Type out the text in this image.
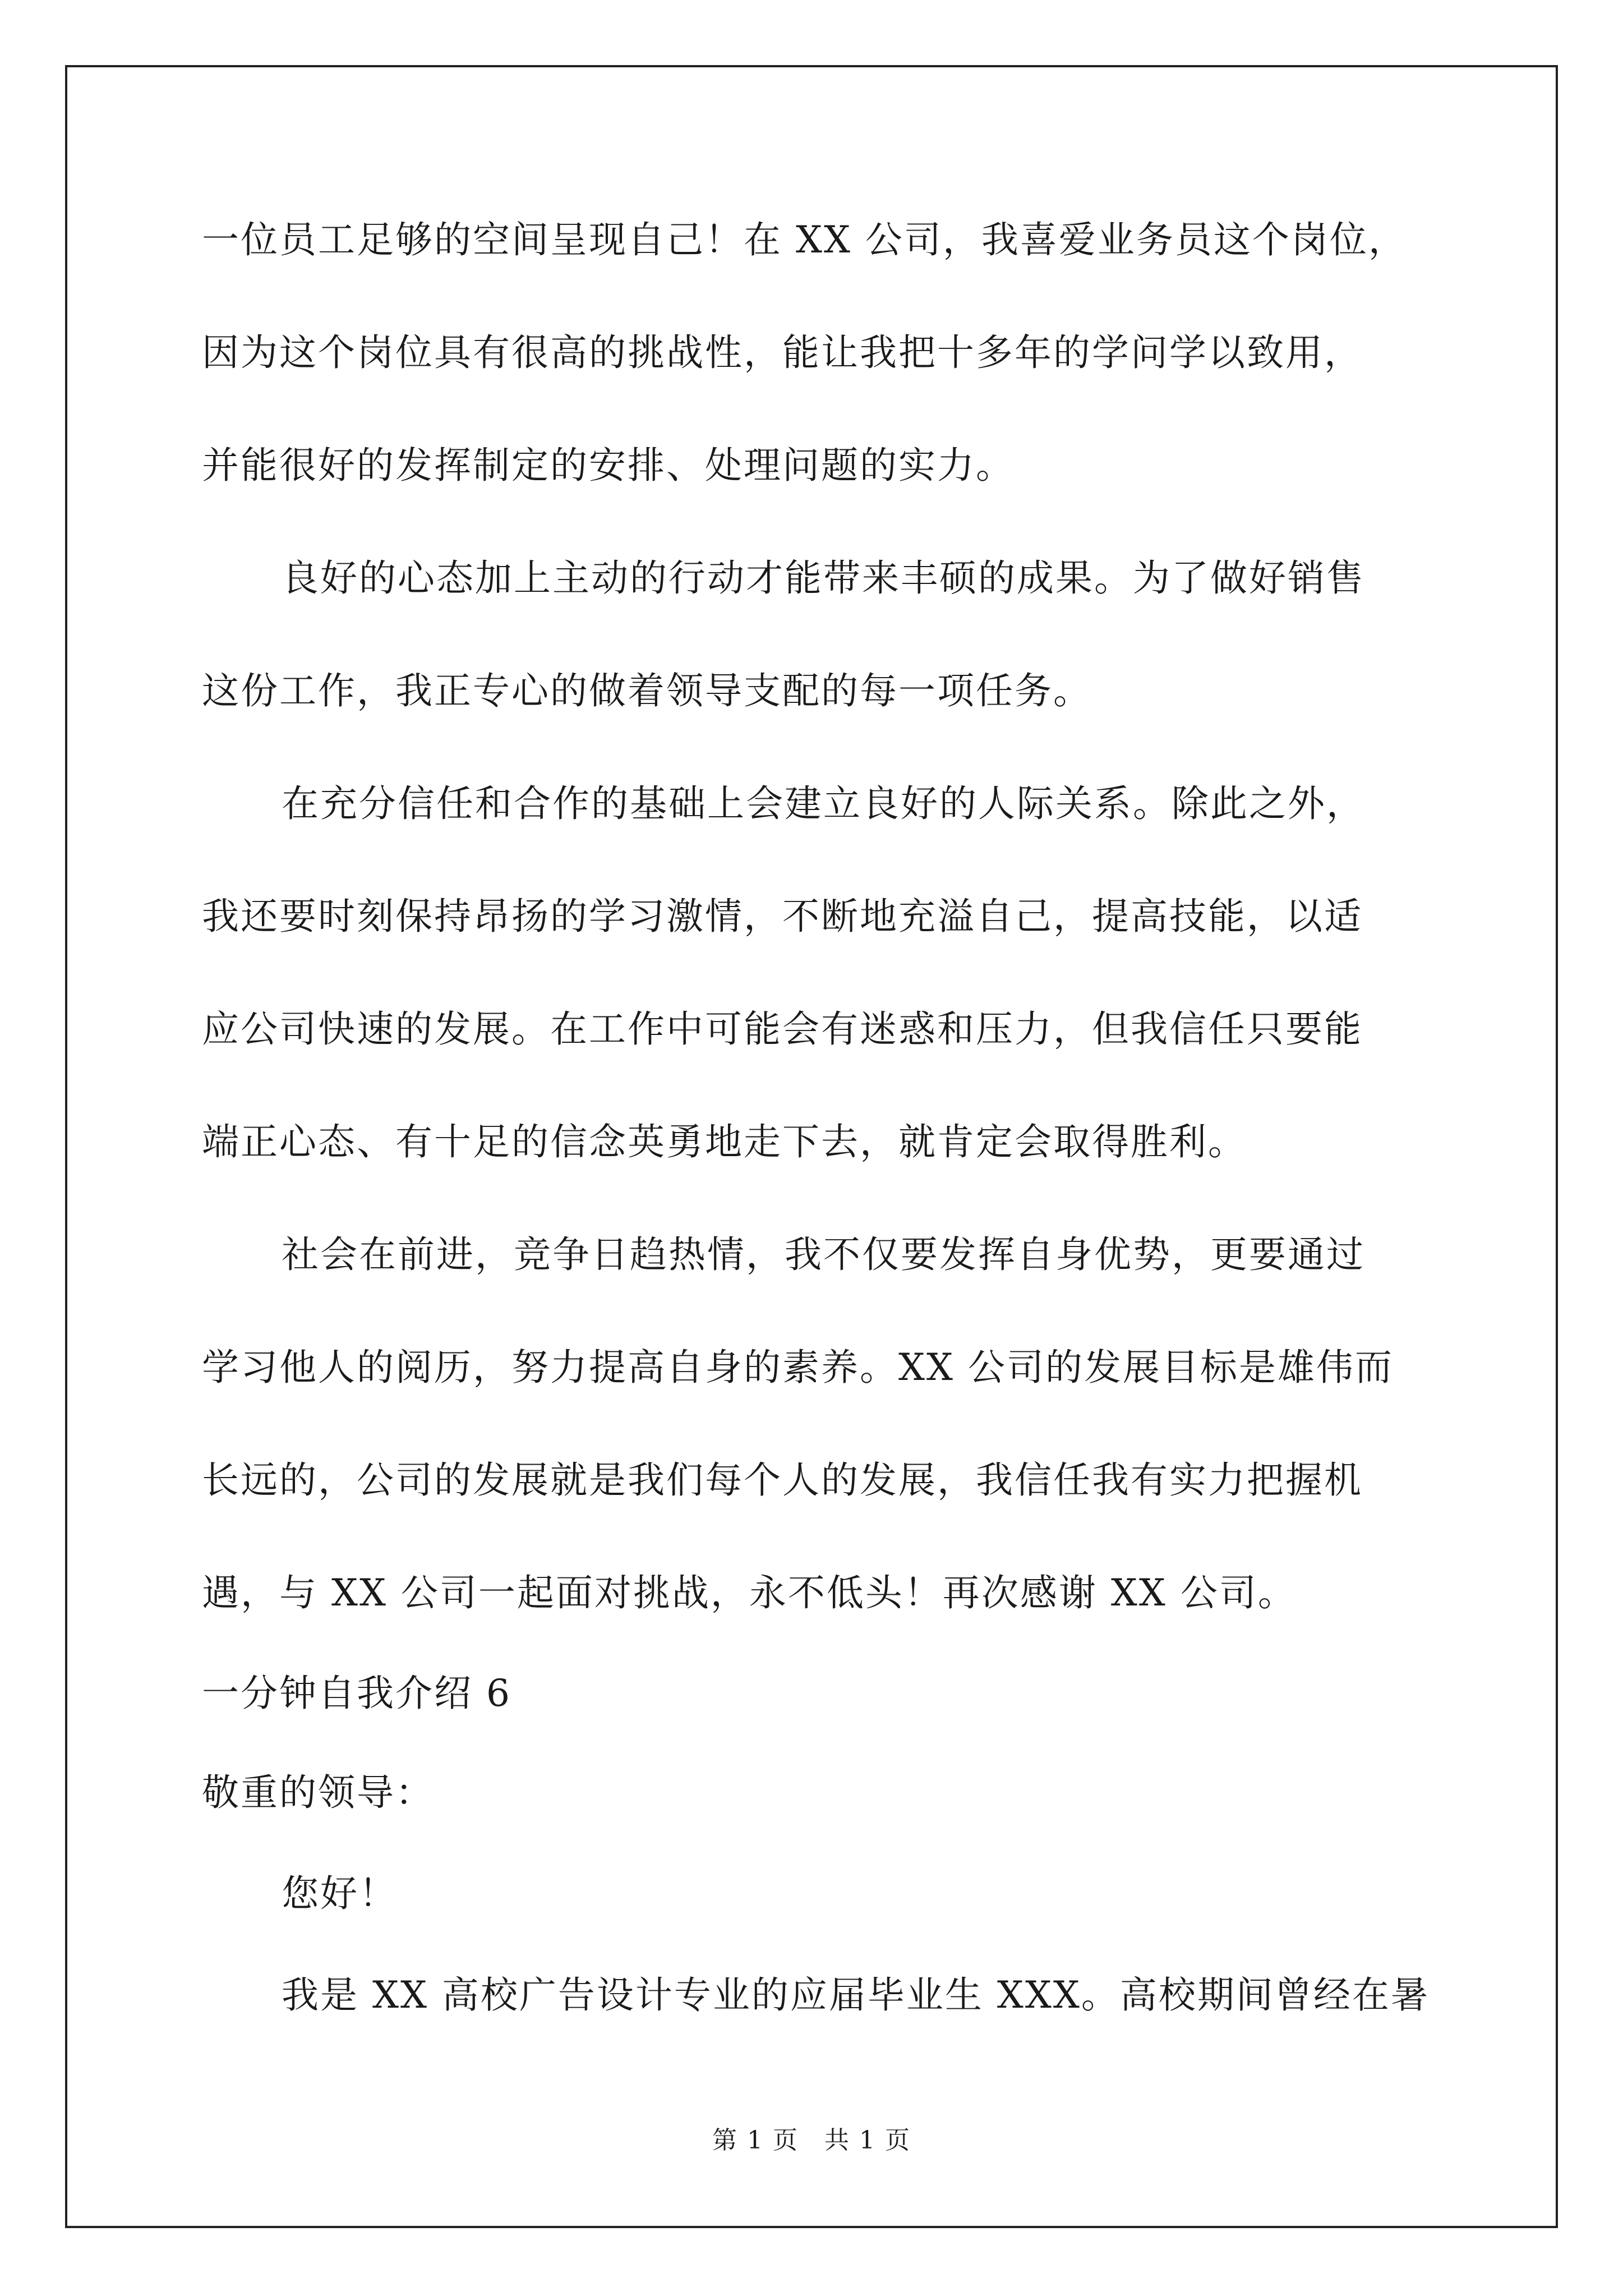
一位员工足够的空间呈现自己！在 XX 公司，我喜爱业务员这个岗位，
因为这个岗位具有很高的挑战性，能让我把十多年的学问学以致用，
并能很好的发挥制定的安排、处理问题的实力。
良好的心态加上主动的行动才能带来丰硕的成果。为了做好销售
这份工作，我正专心的做着领导支配的每一项任务。
在充分信任和合作的基础上会建立良好的人际关系。除此之外，
我还要时刻保持昂扬的学习激情，不断地充溢自己，提高技能，以适
应公司快速的发展。在工作中可能会有迷惑和压力，但我信任只要能
端正心态、有十足的信念英勇地走下去，就肯定会取得胜利。
社会在前进，竞争日趋热情，我不仅要发挥自身优势，更要通过
学习他人的阅历，努力提高自身的素养。XX 公司的发展目标是雄伟而
长远的，公司的发展就是我们每个人的发展，我信任我有实力把握机
遇，与 XX 公司一起面对挑战，永不低头！再次感谢 XX 公司。
一分钟自我介绍 6
敬重的领导：
您好！
我是 XX 高校广告设计专业的应届毕业生 XXX。高校期间曾经在暑
第 1 页　共 1 页
